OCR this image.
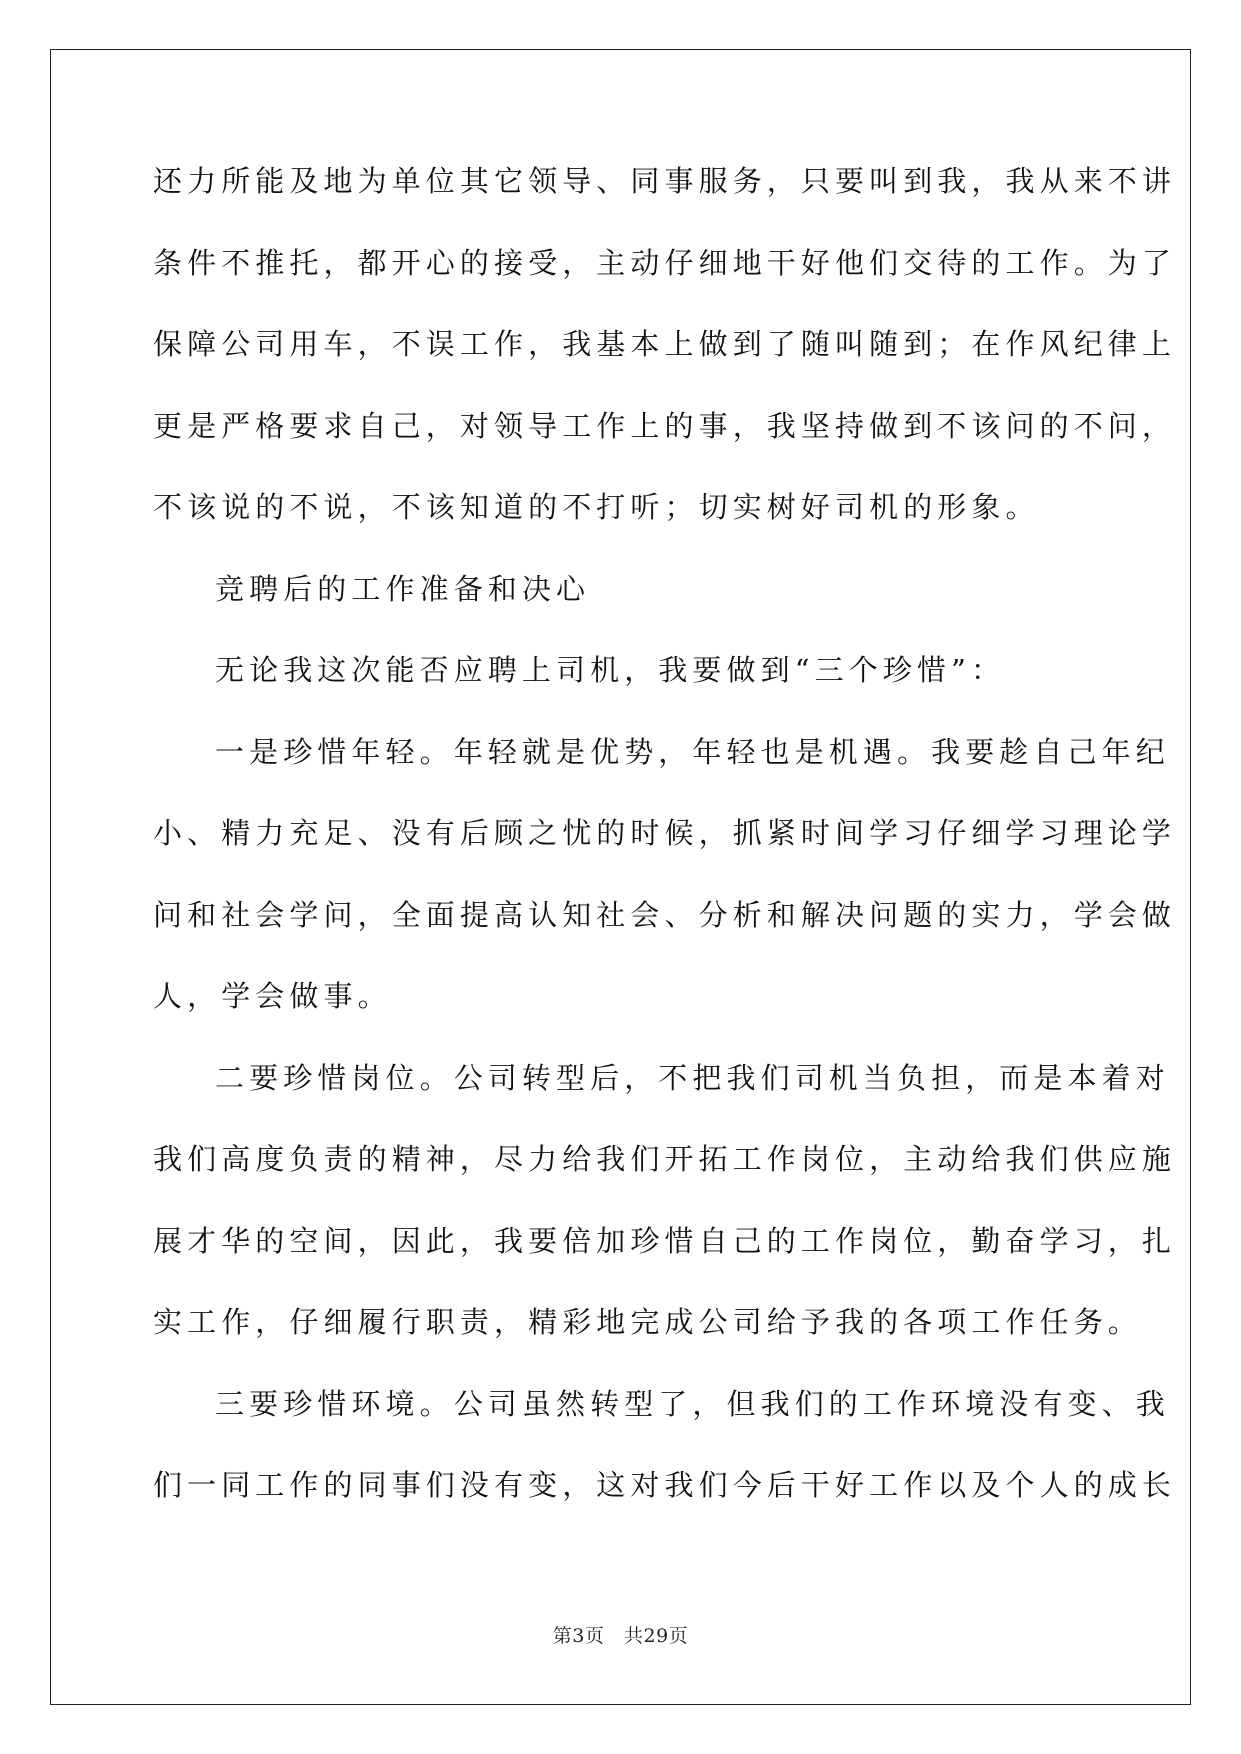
还力所能及地为单位其它领导、同事服务，只要叫到我，我从来不讲
条件不推托，都开心的接受，主动仔细地干好他们交待的工作。为了
保障公司用车，不误工作，我基本上做到了随叫随到；在作风纪律上
更是严格要求自己，对领导工作上的事，我坚持做到不该问的不问，
不该说的不说，不该知道的不打听；切实树好司机的形象。
竞聘后的工作准备和决心
无论我这次能否应聘上司机，我要做到“三个珍惜”：
一是珍惜年轻。年轻就是优势，年轻也是机遇。我要趁自己年纪
小、精力充足、没有后顾之忧的时候，抓紧时间学习仔细学习理论学
问和社会学问，全面提高认知社会、分析和解决问题的实力，学会做
人，学会做事。
二要珍惜岗位。公司转型后，不把我们司机当负担，而是本着对
我们高度负责的精神，尽力给我们开拓工作岗位，主动给我们供应施
展才华的空间，因此，我要倍加珍惜自己的工作岗位，勤奋学习，扎
实工作，仔细履行职责，精彩地完成公司给予我的各项工作任务。
三要珍惜环境。公司虽然转型了，但我们的工作环境没有变、我
们一同工作的同事们没有变，这对我们今后干好工作以及个人的成长
第3页 共29页
